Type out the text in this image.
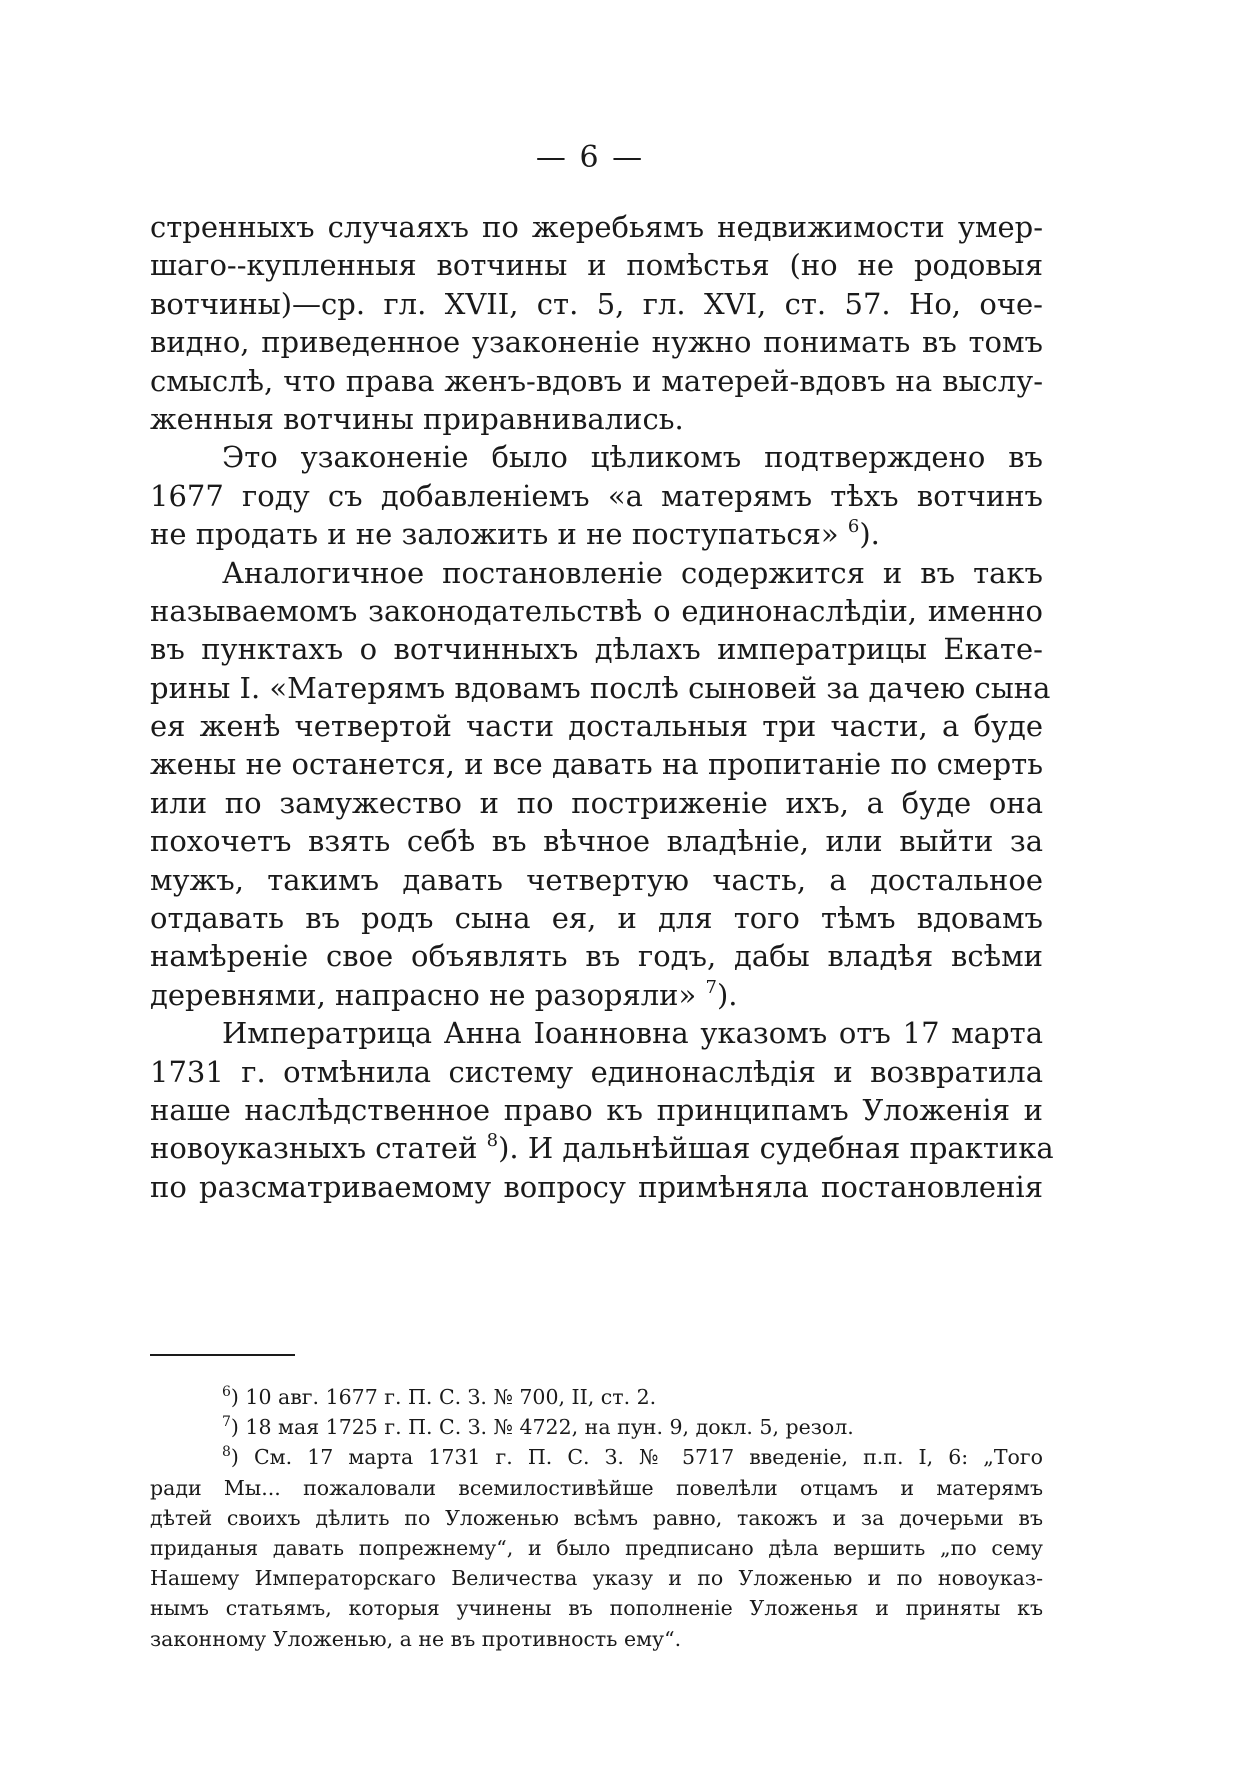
— 6 —
стренныхъ случаяхъ по жеребьямъ недвижимости умер-
шаго--купленныя вотчины и помѣстья (но не родовыя
вотчины)—ср. гл. XVII, ст. 5, гл. XVI, ст. 57. Но, оче-
видно, приведенное узаконеніе нужно понимать въ томъ
смыслѣ, что права женъ-вдовъ и матерей-вдовъ на выслу-
женныя вотчины приравнивались.
Это узаконеніе было цѣликомъ подтверждено въ
1677 году съ добавленіемъ «а матерямъ тѣхъ вотчинъ
не продать и не заложить и не поступаться» $^6$).
Аналогичное постановленіе содержится и въ такъ
называемомъ законодательствѣ о единонаслѣдіи, именно
въ пунктахъ о вотчинныхъ дѣлахъ императрицы Екате-
рины I. «Матерямъ вдовамъ послѣ сыновей за дачею сына
ея женѣ четвертой части достальныя три части, а буде
жены не останется, и все давать на пропитаніе по смерть
или по замужество и по постриженіе ихъ, а буде она
похочетъ взять себѣ въ вѣчное владѣніе, или выйти за
мужъ, такимъ давать четвертую часть, а достальное
отдавать въ родъ сына ея, и для того тѣмъ вдовамъ
намѣреніе свое объявлять въ годъ, дабы владѣя всѣми
деревнями, напрасно не разоряли» $^7$).
Императрица Анна Іоанновна указомъ отъ 17 марта
1731 г. отмѣнила систему единонаслѣдія и возвратила
наше наслѣдственное право къ принципамъ Уложенія и
новоуказныхъ статей $^8$). И дальнѣйшая судебная практика
по разсматриваемому вопросу примѣняла постановленія
$^6$) 10 авг. 1677 г. П. С. З. № 700, II, ст. 2.
$^7$) 18 мая 1725 г. П. С. З. № 4722, на пун. 9, докл. 5, резол.
$^8$) См. 17 марта 1731 г. П. С. З. № 5717 введеніе, п.п. I, 6: „Того
ради Мы... пожаловали всемилостивѣйше повелѣли отцамъ и матерямъ
дѣтей своихъ дѣлить по Уложенью всѣмъ равно, такожъ и за дочерьми въ
приданыя давать попрежнему“, и было предписано дѣла вершить „по сему
Нашему Императорскаго Величества указу и по Уложенью и по новоуказ-
нымъ статьямъ, которыя учинены въ пополненіе Уложенья и приняты къ
законному Уложенью, а не въ противность ему“.
